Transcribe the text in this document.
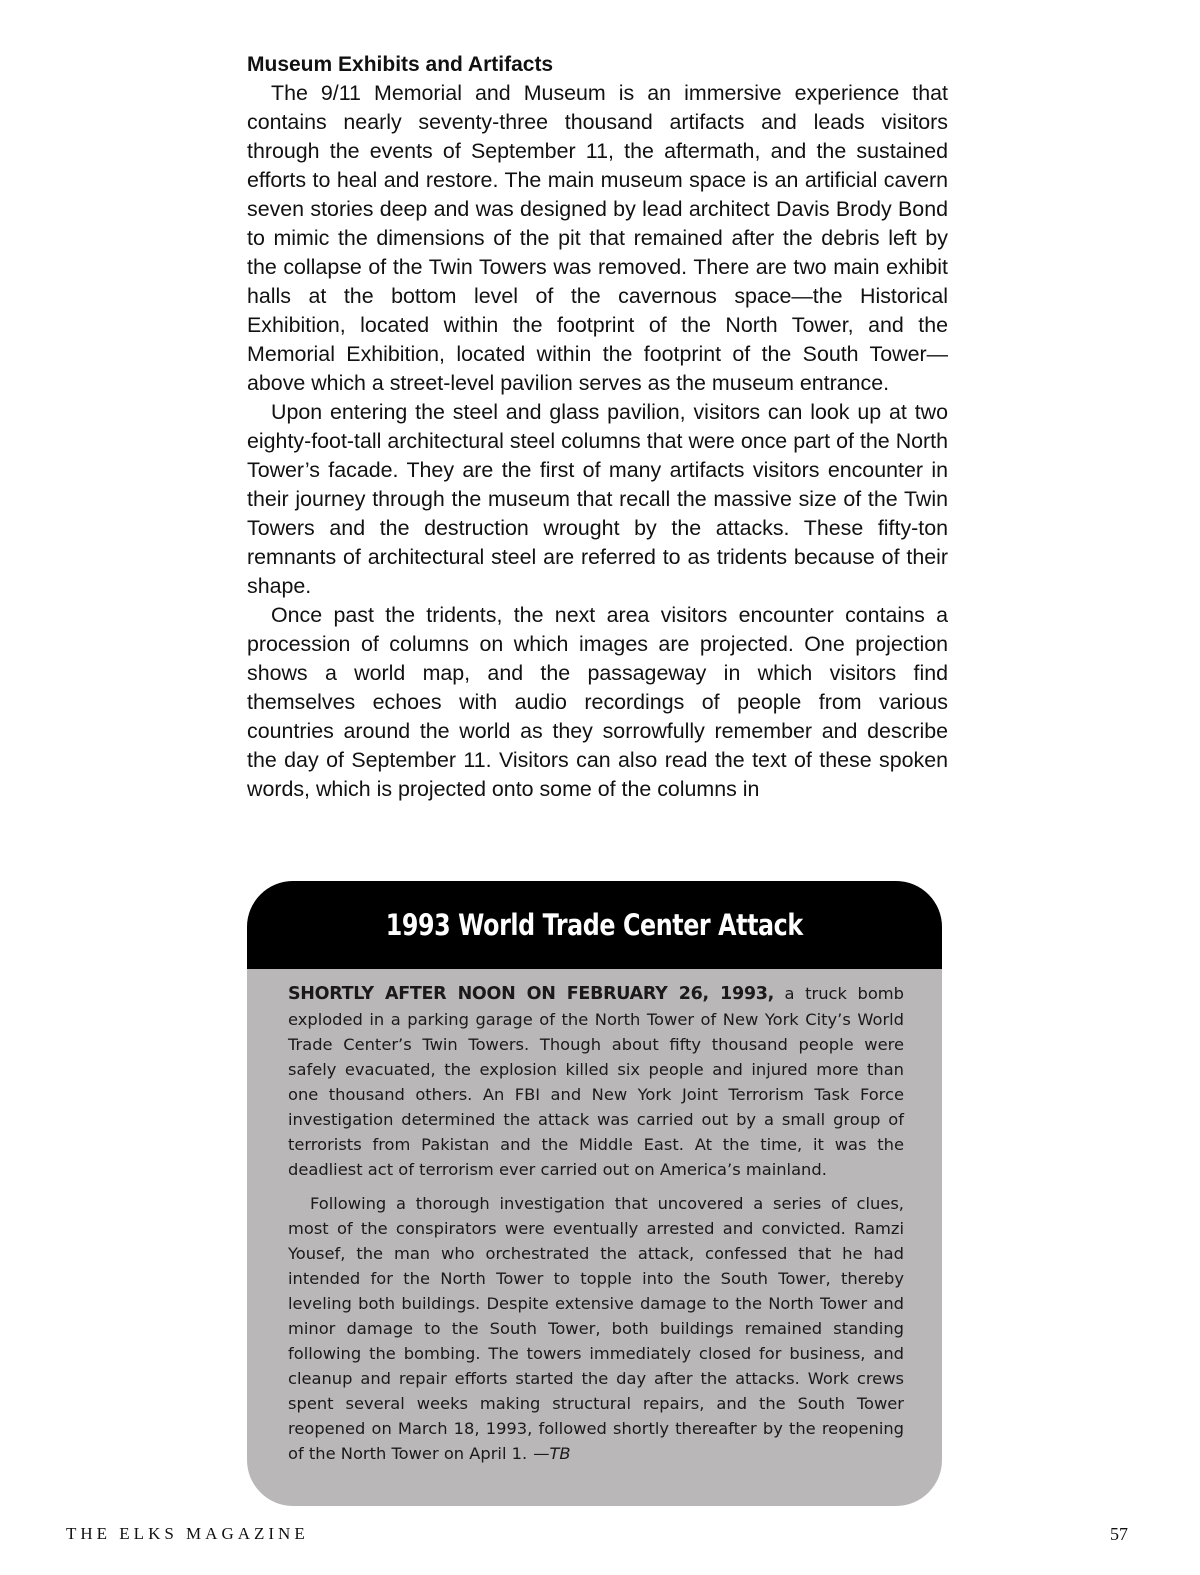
Museum Exhibits and Artifacts

The 9/11 Memorial and Museum is an immersive experience that contains nearly seventy-three thousand artifacts and leads visitors through the events of September 11, the aftermath, and the sustained efforts to heal and restore. The main museum space is an artificial cavern seven stories deep and was designed by lead architect Davis Brody Bond to mimic the dimensions of the pit that remained after the debris left by the collapse of the Twin Towers was removed. There are two main exhibit halls at the bottom level of the cavernous space—the Historical Exhibition, located within the footprint of the North Tower, and the Memorial Exhibition, located within the footprint of the South Tower—above which a street-level pavilion serves as the museum entrance.

Upon entering the steel and glass pavilion, visitors can look up at two eighty-foot-tall architectural steel columns that were once part of the North Tower’s facade. They are the first of many artifacts visitors encounter in their journey through the museum that recall the massive size of the Twin Towers and the destruction wrought by the attacks. These fifty-ton remnants of architectural steel are referred to as tridents because of their shape.

Once past the tridents, the next area visitors encounter contains a procession of columns on which images are projected. One projection shows a world map, and the passageway in which visitors find themselves echoes with audio recordings of people from various countries around the world as they sorrowfully remember and describe the day of September 11. Visitors can also read the text of these spoken words, which is projected onto some of the columns in

1993 World Trade Center Attack

SHORTLY AFTER NOON ON FEBRUARY 26, 1993, a truck bomb exploded in a parking garage of the North Tower of New York City’s World Trade Center’s Twin Towers. Though about fifty thousand people were safely evacuated, the explosion killed six people and injured more than one thousand others. An FBI and New York Joint Terrorism Task Force investigation determined the attack was carried out by a small group of terrorists from Pakistan and the Middle East. At the time, it was the deadliest act of terrorism ever carried out on America’s mainland.

Following a thorough investigation that uncovered a series of clues, most of the conspirators were eventually arrested and convicted. Ramzi Yousef, the man who orchestrated the attack, confessed that he had intended for the North Tower to topple into the South Tower, thereby leveling both buildings. Despite extensive damage to the North Tower and minor damage to the South Tower, both buildings remained standing following the bombing. The towers immediately closed for business, and cleanup and repair efforts started the day after the attacks. Work crews spent several weeks making structural repairs, and the South Tower reopened on March 18, 1993, followed shortly thereafter by the reopening of the North Tower on April 1. —TB

THE ELKS MAGAZINE	57
